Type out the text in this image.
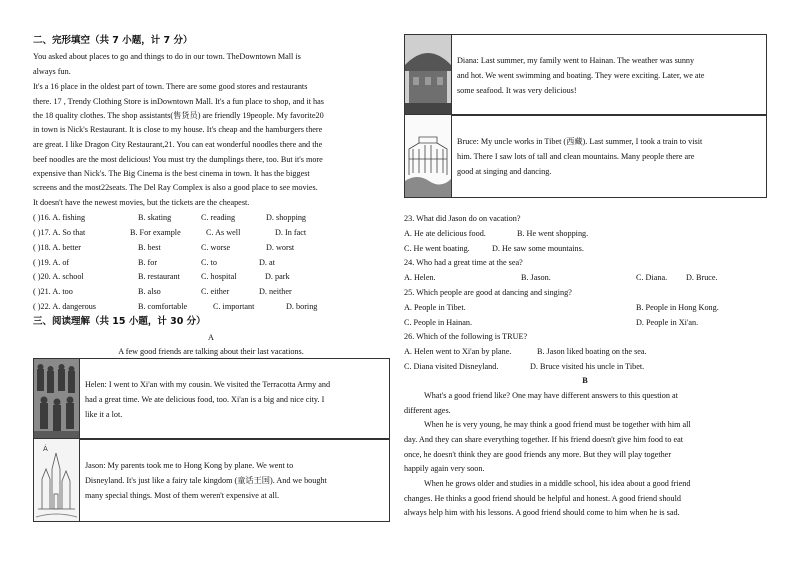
二、完形填空（共 7 小题，计 7 分）
You asked about places to go and things to do in our town. TheDowntown Mall is
always fun.
It's a 16 place in the oldest part of town. There are some good stores and restaurants
there. 17 , Trendy Clothing Store is inDowntown Mall. It's a fun place to shop, and it has
the 18 quality clothes. The shop assistants(售货员) are friendly 19people. My favorite20
in town is Nick's Restaurant. It is close to my house. It's cheap and the hamburgers there
are great. I like Dragon City Restaurant,21. You can eat wonderful noodles there and the
beef noodles are the most delicious! You must try the dumplings there, too. But it's more
expensive than Nick's. The Big Cinema is the best cinema in town. It has the biggest
screens and the most22seats. The Del Ray Complex is also a good place to see movies.
It doesn't have the newest movies, but the tickets are the cheapest.
( )16. A. fishing	B. skating	C. reading	D. shopping
( )17. A. So that	B. For example	C. As well	D. In fact
( )18. A. better	B. best	C. worse	D. worst
( )19. A. of	B. for	C. to	D. at
( )20. A. school	B. restaurant	C. hospital	D. park
( )21. A. too	B. also	C. either	D. neither
( )22. A. dangerous	B. comfortable	C. important	D. boring
三、阅读理解（共 15 小题，计 30 分）
A
A few good friends are talking about their last vacations.
Helen: I went to Xi'an with my cousin. We visited the Terracotta Army and
had a great time. We ate delicious food, too. Xi'an is a big and nice city. I
like it a lot.
Á
Jason: My parents took me to Hong Kong by plane. We went to
Disneyland. It's just like a fairy tale kingdom (童话王国). And we bought
many special things. Most of them weren't expensive at all.
Diana: Last summer, my family went to Hainan. The weather was sunny
and hot. We went swimming and boating. They were exciting. Later, we ate
some seafood. It was very delicious!
Bruce: My uncle works in Tibet (西藏). Last summer, I took a train to visit
him. There I saw lots of tall and clean mountains. Many people there are
good at singing and dancing.
23. What did Jason do on vacation?
A. He ate delicious food.	B. He went shopping.
C. He went boating.	D. He saw some mountains.
24. Who had a great time at the sea?
A. Helen.	B. Jason.	C. Diana. D. Bruce.
25. Which people are good at dancing and singing?
A. People in Tibet.	B. People in Hong Kong.
C. People in Hainan.	D. People in Xi'an.
26. Which of the following is TRUE?
A. Helen went to Xi'an by plane.	B. Jason liked boating on the sea.
C. Diana visited Disneyland.	D. Bruce visited his uncle in Tibet.
B
What's a good friend like? One may have different answers to this question at
different ages.
When he is very young, he may think a good friend must be together with him all
day. And they can share everything together. If his friend doesn't give him food to eat
once, he doesn't think they are good friends any more. But they will play together
happily again very soon.
When he grows older and studies in a middle school, his idea about a good friend
changes. He thinks a good friend should be helpful and honest. A good friend should
always help him with his lessons. A good friend should come to him when he is sad.
